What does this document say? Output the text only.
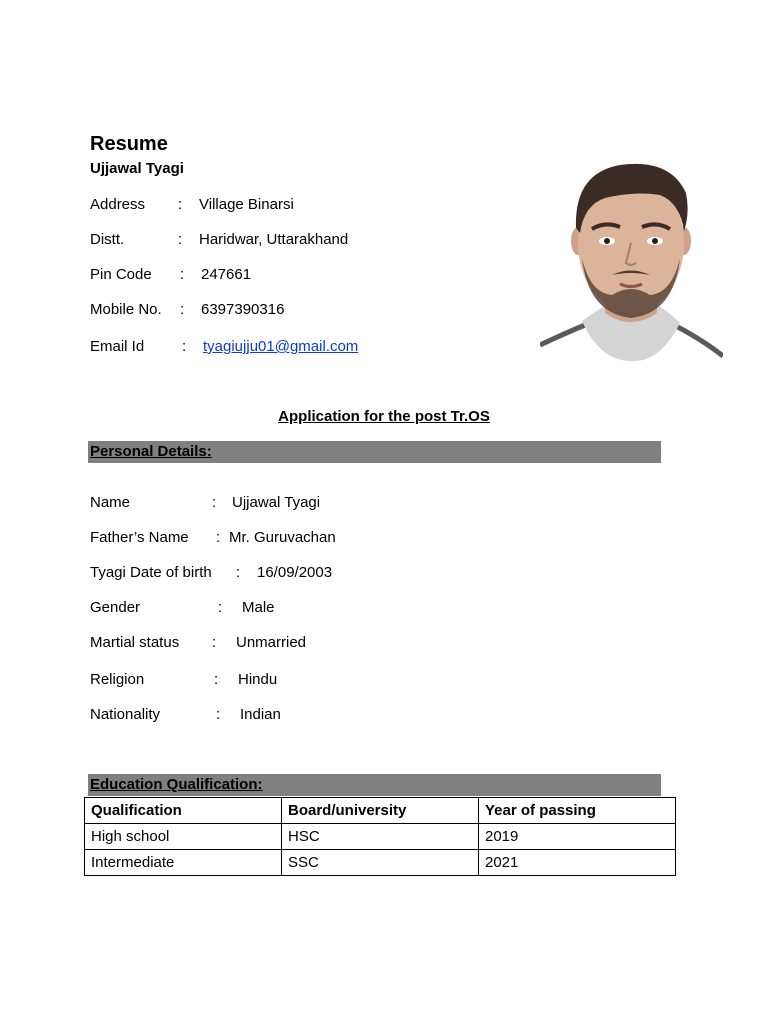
Resume
Ujjawal Tyagi
Address : Village Binarsi
Distt.	: Haridwar, Uttarakhand
Pin Code : 247661
Mobile No. : 6397390316
Email Id	: tyagiujju01@gmail.com
Application for the post Tr.OS
Personal Details:
Name	: Ujjawal Tyagi
Father’s Name : Mr. Guruvachan
Tyagi Date of birth : 16/09/2003
Gender	: Male
Martial status : Unmarried
Religion	: Hindu
Nationality	: Indian
Education Qualification:
Qualification	Board/university	Year of passing
High school	HSC	2019
Intermediate	SSC	2021
